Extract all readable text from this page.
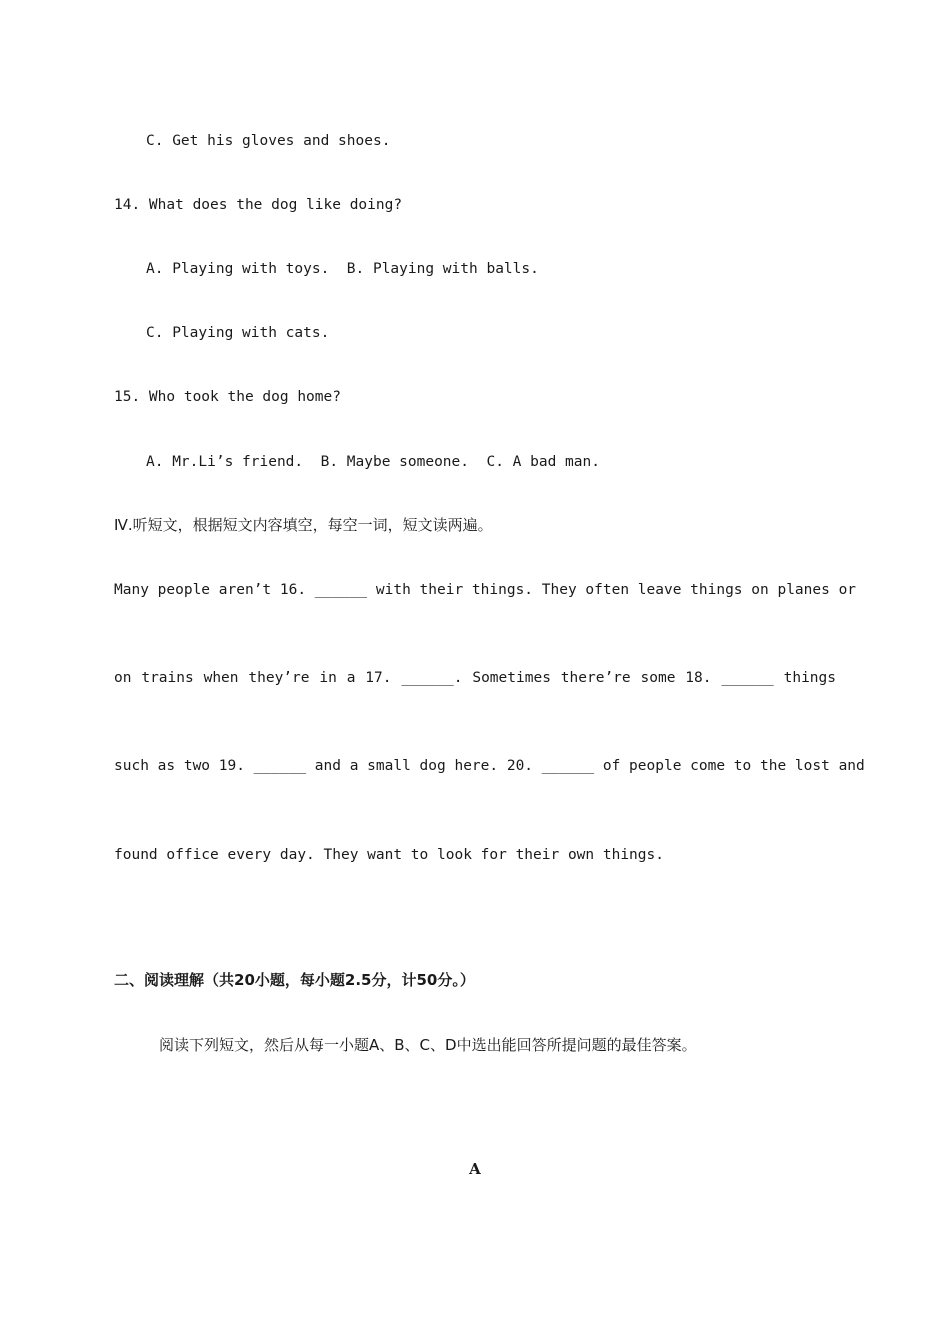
C. Get his gloves and shoes.
14. What does the dog like doing?
A. Playing with toys.  B. Playing with balls.
C. Playing with cats.
15. Who took the dog home?
A. Mr.Li’s friend.  B. Maybe someone.  C. A bad man.
Ⅳ.听短文，根据短文内容填空，每空一词，短文读两遍。
Many people aren’t 16. ______ with their things. They often leave things on planes or
on trains when they’re in a 17. ______. Sometimes there’re some 18. ______ things
such as two 19. ______ and a small dog here. 20. ______ of people come to the lost and
found office every day. They want to look for their own things.
二、阅读理解（共20小题，每小题2.5分，计50分。）
阅读下列短文，然后从每一小题A、B、C、D中选出能回答所提问题的最佳答案。
A
